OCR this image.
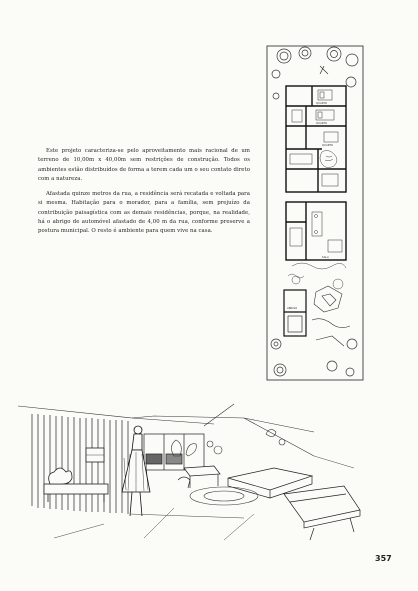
Este projeto caracteriza-se pelo aproveitamento mais racional de um terreno de 10,00m x 40,00m sem restrições de construção. Todos os ambientes estão distribuídos de forma a terem cada um o seu contato direto com a natureza.

Afastada quinze metros da rua, a residência será recatada e voltada para si mesma. Habitação para o morador, para a família, sem prejuízo da contribuição paisagística com as demais residências, porque, na realidade, há o abrigo de automóvel afastado de 4,00 m da rua, conforme preserve a postura municipal. O resto é ambiente para quem vive na casa.

QUARTO
QUARTO
QUARTO
SALA
ABRIGO
357
